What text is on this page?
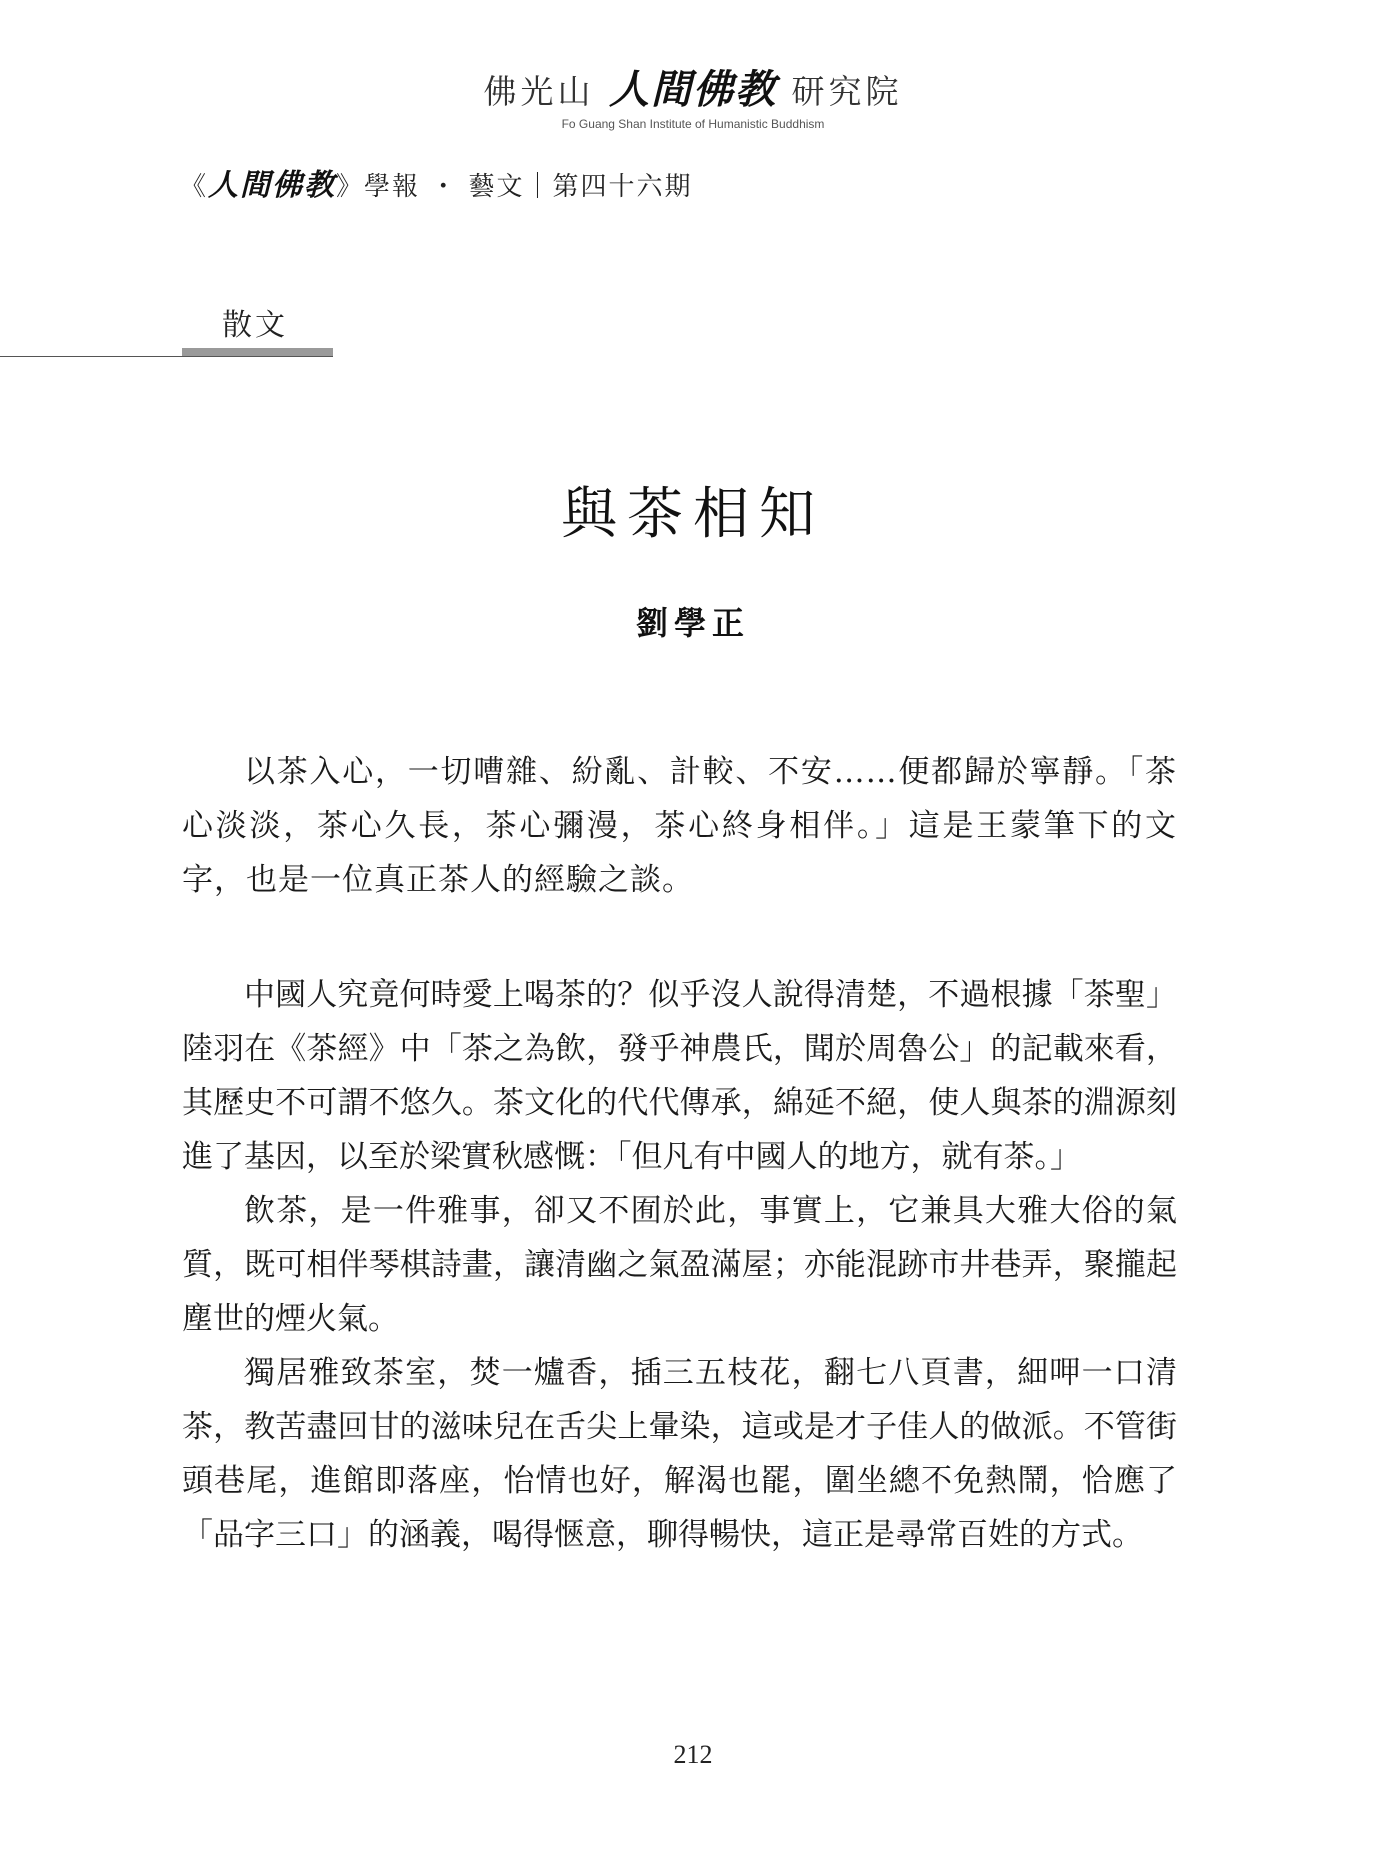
佛光山 人間佛教 研究院
Fo Guang Shan Institute of Humanistic Buddhism
《人間佛教》學報 ・ 藝文｜第四十六期
散文
與茶相知
劉學正

以茶入心，一切嘈雜、紛亂、計較、不安……便都歸於寧靜。「茶心淡淡，茶心久長，茶心彌漫，茶心終身相伴。」這是王蒙筆下的文字，也是一位真正茶人的經驗之談。

中國人究竟何時愛上喝茶的？似乎沒人說得清楚，不過根據「茶聖」陸羽在《茶經》中「茶之為飲，發乎神農氏，聞於周魯公」的記載來看，其歷史不可謂不悠久。茶文化的代代傳承，綿延不絕，使人與茶的淵源刻進了基因，以至於梁實秋感慨：「但凡有中國人的地方，就有茶。」

飲茶，是一件雅事，卻又不囿於此，事實上，它兼具大雅大俗的氣質，既可相伴琴棋詩畫，讓清幽之氣盈滿屋；亦能混跡市井巷弄，聚攏起塵世的煙火氣。

獨居雅致茶室，焚一爐香，插三五枝花，翻七八頁書，細呷一口清茶，教苦盡回甘的滋味兒在舌尖上暈染，這或是才子佳人的做派。不管街頭巷尾，進館即落座，怡情也好，解渴也罷，圍坐總不免熱鬧，恰應了「品字三口」的涵義，喝得愜意，聊得暢快，這正是尋常百姓的方式。

212
